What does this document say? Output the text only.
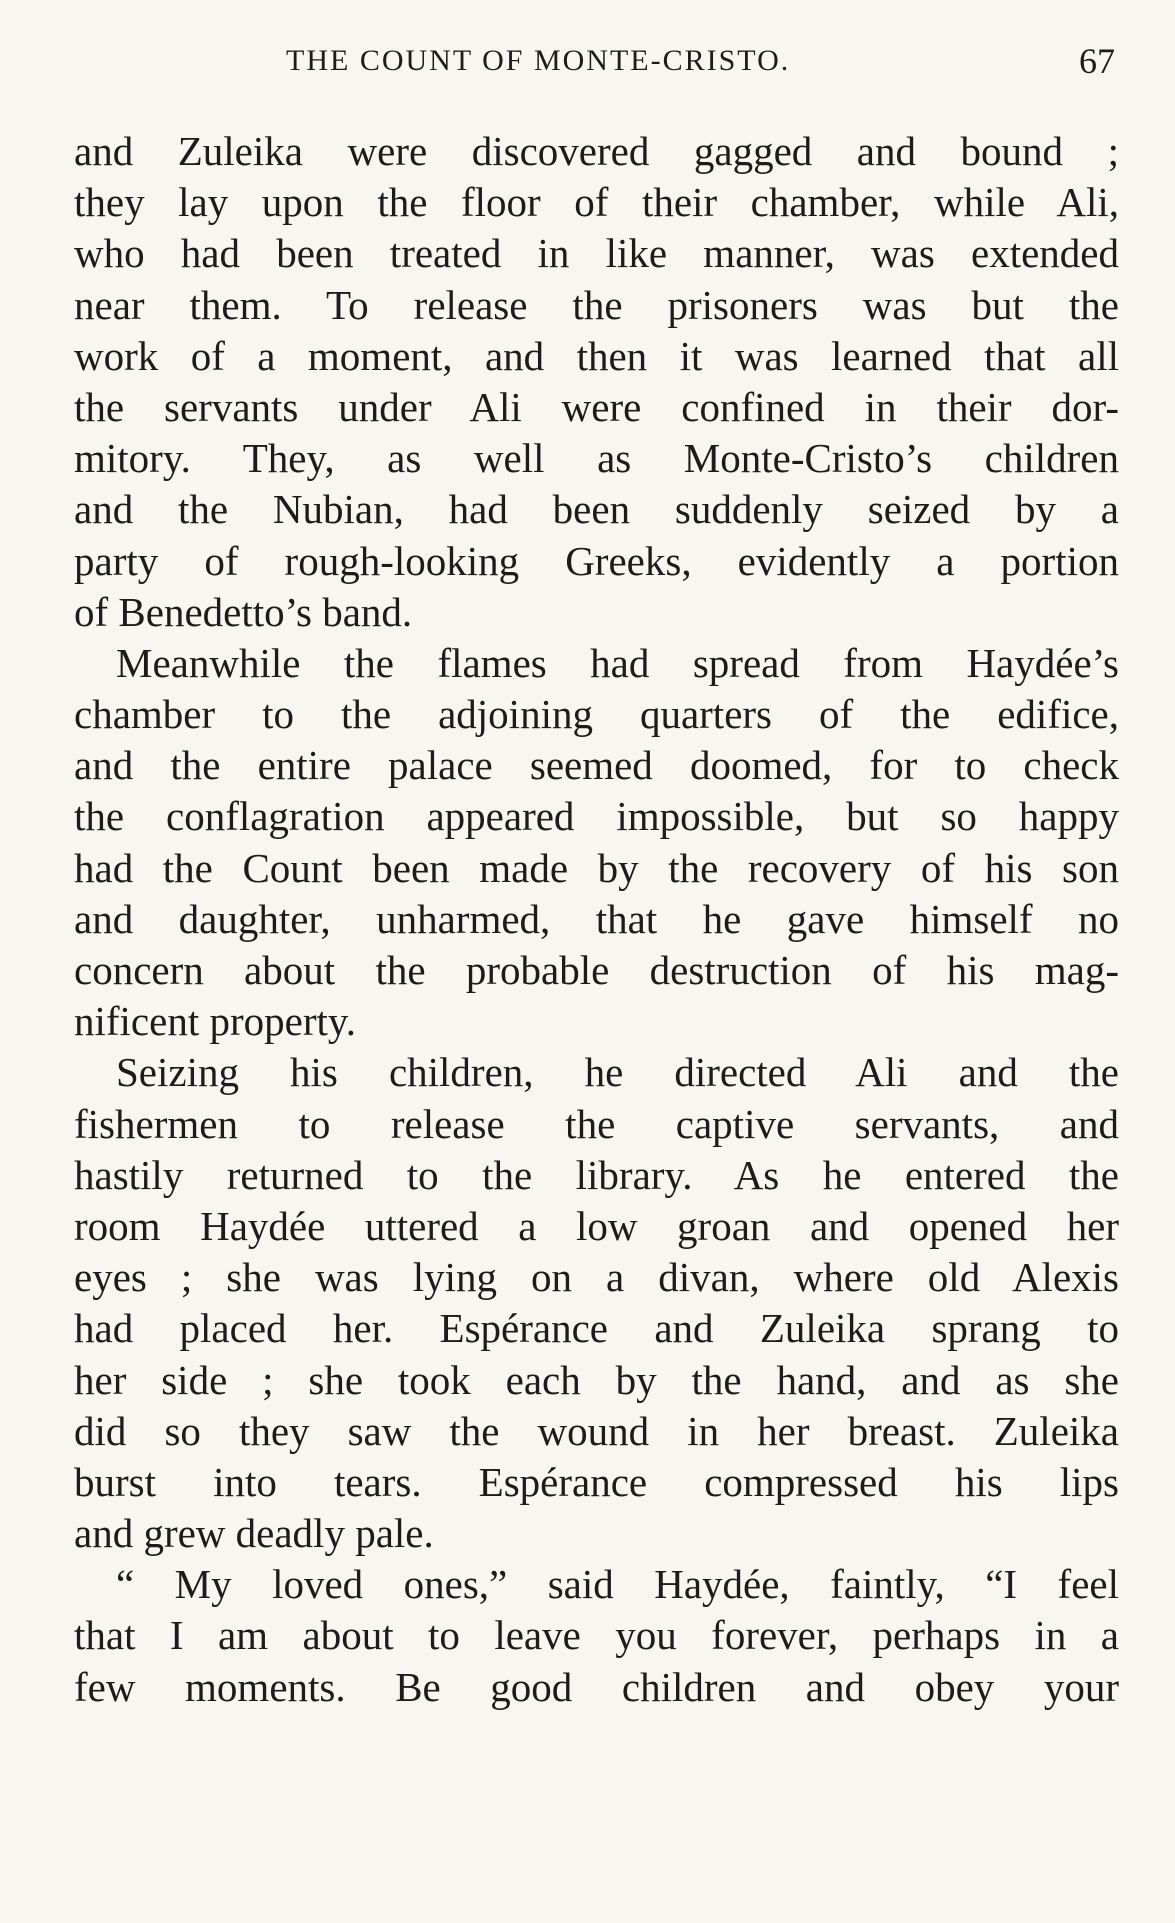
THE COUNT OF MONTE-CRISTO.	67
and Zuleika were discovered gagged and bound ;
they lay upon the floor of their chamber, while Ali,
who had been treated in like manner, was extended
near them. To release the prisoners was but the
work of a moment, and then it was learned that all
the servants under Ali were confined in their dor-
mitory. They, as well as Monte-Cristo’s children
and the Nubian, had been suddenly seized by a
party of rough-looking Greeks, evidently a portion
of Benedetto’s band.
Meanwhile the flames had spread from Haydée’s
chamber to the adjoining quarters of the edifice,
and the entire palace seemed doomed, for to check
the conflagration appeared impossible, but so happy
had the Count been made by the recovery of his son
and daughter, unharmed, that he gave himself no
concern about the probable destruction of his mag-
nificent property.
Seizing his children, he directed Ali and the
fishermen to release the captive servants, and
hastily returned to the library. As he entered the
room Haydée uttered a low groan and opened her
eyes ; she was lying on a divan, where old Alexis
had placed her. Espérance and Zuleika sprang to
her side ; she took each by the hand, and as she
did so they saw the wound in her breast. Zuleika
burst into tears. Espérance compressed his lips
and grew deadly pale.
“ My loved ones,” said Haydée, faintly, “I feel
that I am about to leave you forever, perhaps in a
few moments. Be good children and obey your
